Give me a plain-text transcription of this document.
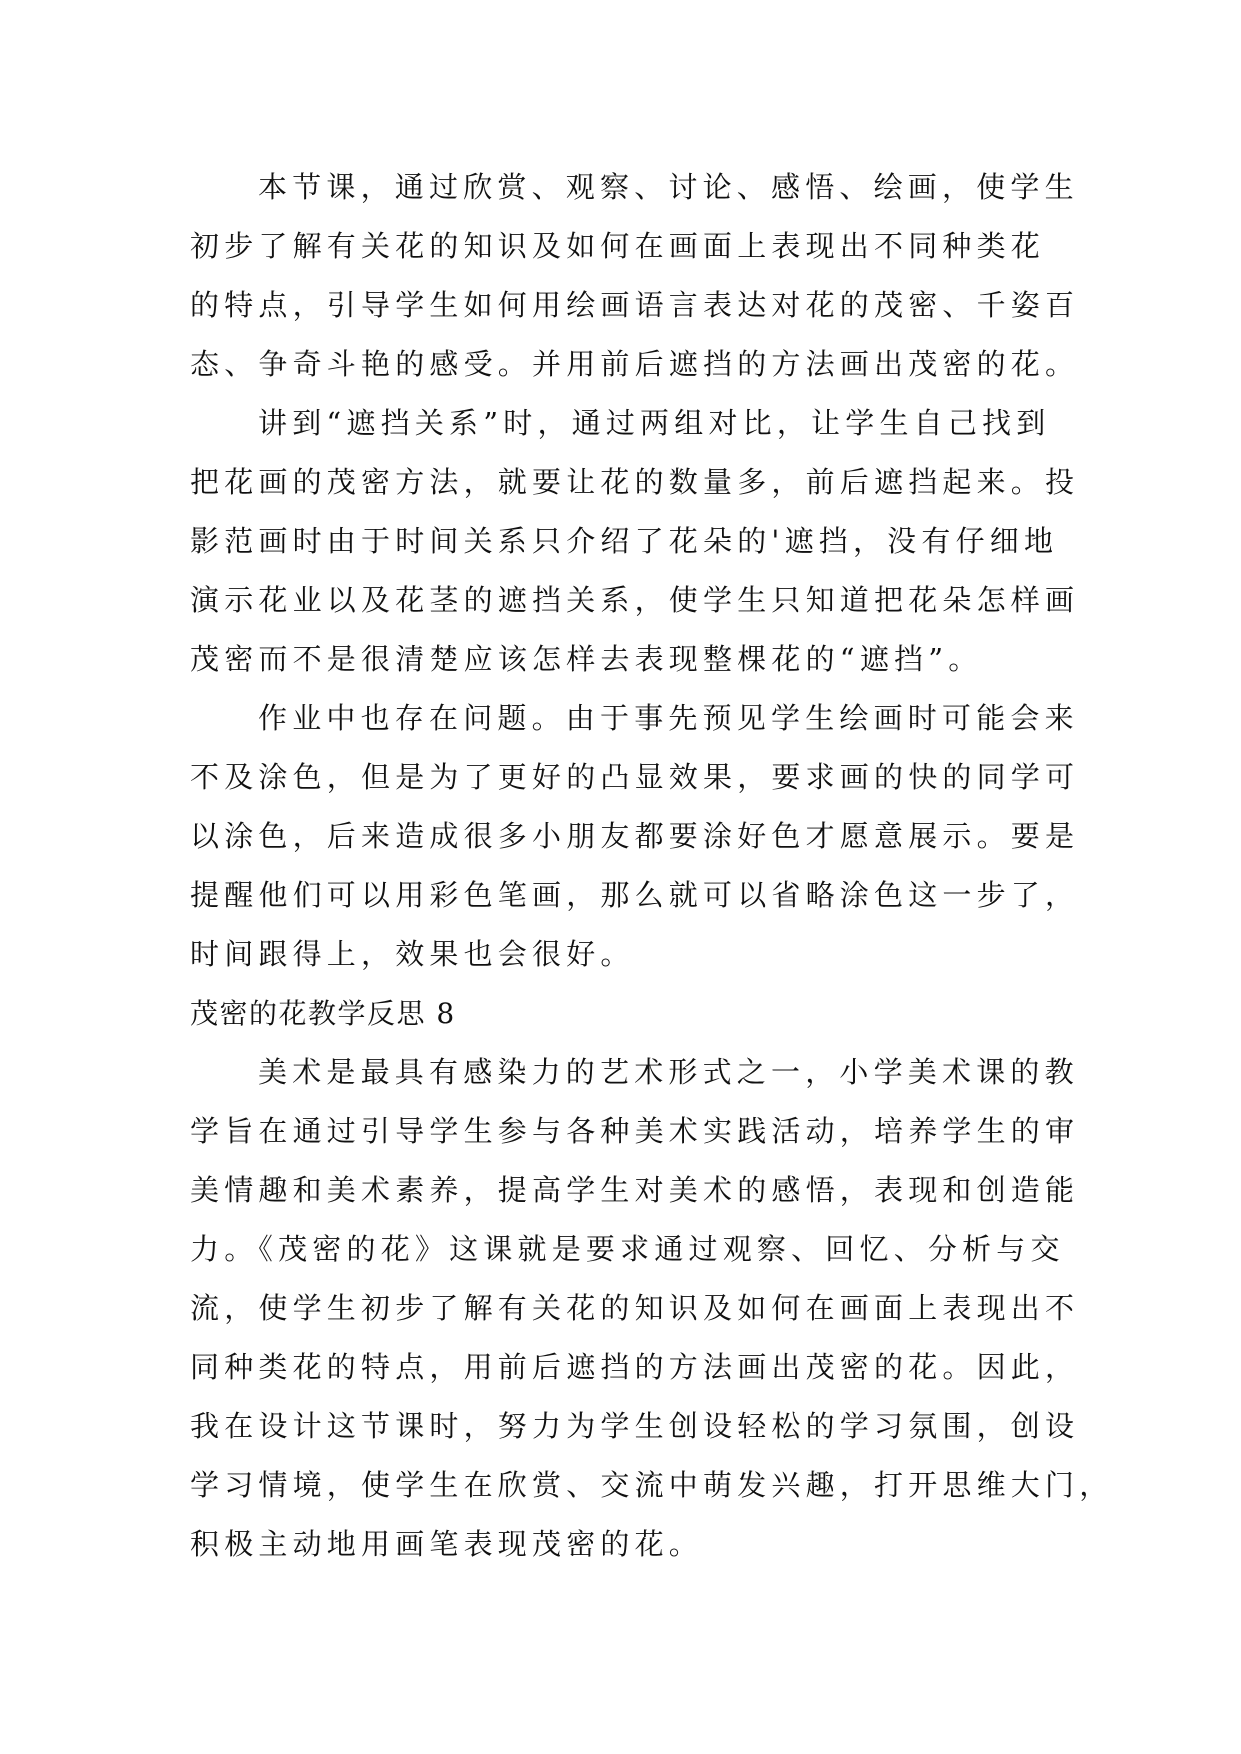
本节课，通过欣赏、观察、讨论、感悟、绘画，使学生
初步了解有关花的知识及如何在画面上表现出不同种类花
的特点，引导学生如何用绘画语言表达对花的茂密、千姿百
态、争奇斗艳的感受。并用前后遮挡的方法画出茂密的花。
讲到“遮挡关系”时，通过两组对比，让学生自己找到
把花画的茂密方法，就要让花的数量多，前后遮挡起来。投
影范画时由于时间关系只介绍了花朵的'遮挡，没有仔细地
演示花业以及花茎的遮挡关系，使学生只知道把花朵怎样画
茂密而不是很清楚应该怎样去表现整棵花的“遮挡”。
作业中也存在问题。由于事先预见学生绘画时可能会来
不及涂色，但是为了更好的凸显效果，要求画的快的同学可
以涂色，后来造成很多小朋友都要涂好色才愿意展示。要是
提醒他们可以用彩色笔画，那么就可以省略涂色这一步了，
时间跟得上，效果也会很好。
茂密的花教学反思 8
美术是最具有感染力的艺术形式之一，小学美术课的教
学旨在通过引导学生参与各种美术实践活动，培养学生的审
美情趣和美术素养，提高学生对美术的感悟，表现和创造能
力。《茂密的花》这课就是要求通过观察、回忆、分析与交
流，使学生初步了解有关花的知识及如何在画面上表现出不
同种类花的特点，用前后遮挡的方法画出茂密的花。因此，
我在设计这节课时，努力为学生创设轻松的学习氛围，创设
学习情境，使学生在欣赏、交流中萌发兴趣，打开思维大门，
积极主动地用画笔表现茂密的花。
